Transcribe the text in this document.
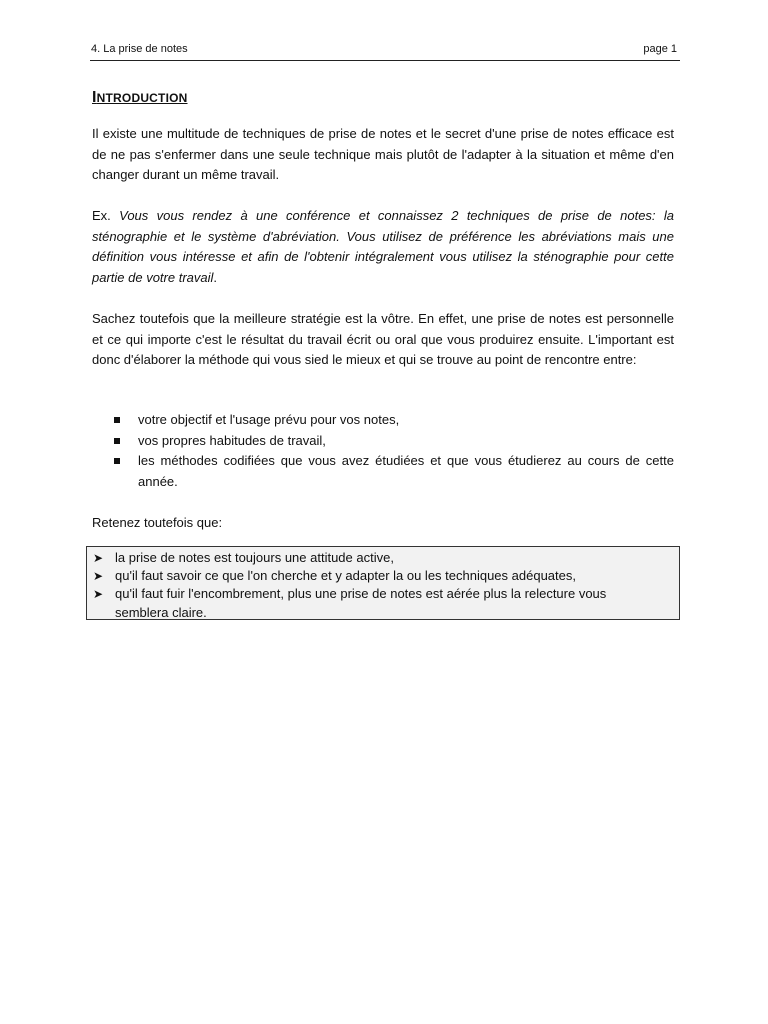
4. La prise de notes	page 1
INTRODUCTION

Il existe une multitude de techniques de prise de notes et le secret d'une prise de notes efficace est de ne pas s'enfermer dans une seule technique mais plutôt de l'adapter à la situation et même d'en changer durant un même travail.

Ex. Vous vous rendez à une conférence et connaissez 2 techniques de prise de notes: la sténographie et le système d'abréviation. Vous utilisez de préférence les abréviations mais une définition vous intéresse et afin de l'obtenir intégralement vous utilisez la sténographie pour cette partie de votre travail.

Sachez toutefois que la meilleure stratégie est la vôtre. En effet, une prise de notes est personnelle et ce qui importe c'est le résultat du travail écrit ou oral que vous produirez ensuite. L'important est donc d'élaborer la méthode qui vous sied le mieux et qui se trouve au point de rencontre entre:

votre objectif et l'usage prévu pour vos notes,
vos propres habitudes de travail,
les méthodes codifiées que vous avez étudiées et que vous étudierez au cours de cette année.
Retenez toutefois que:
➤ la prise de notes est toujours une attitude active,
➤ qu'il faut savoir ce que l'on cherche et y adapter la ou les techniques adéquates,
➤ qu'il faut fuir l'encombrement, plus une prise de notes est aérée plus la relecture vous semblera claire.
